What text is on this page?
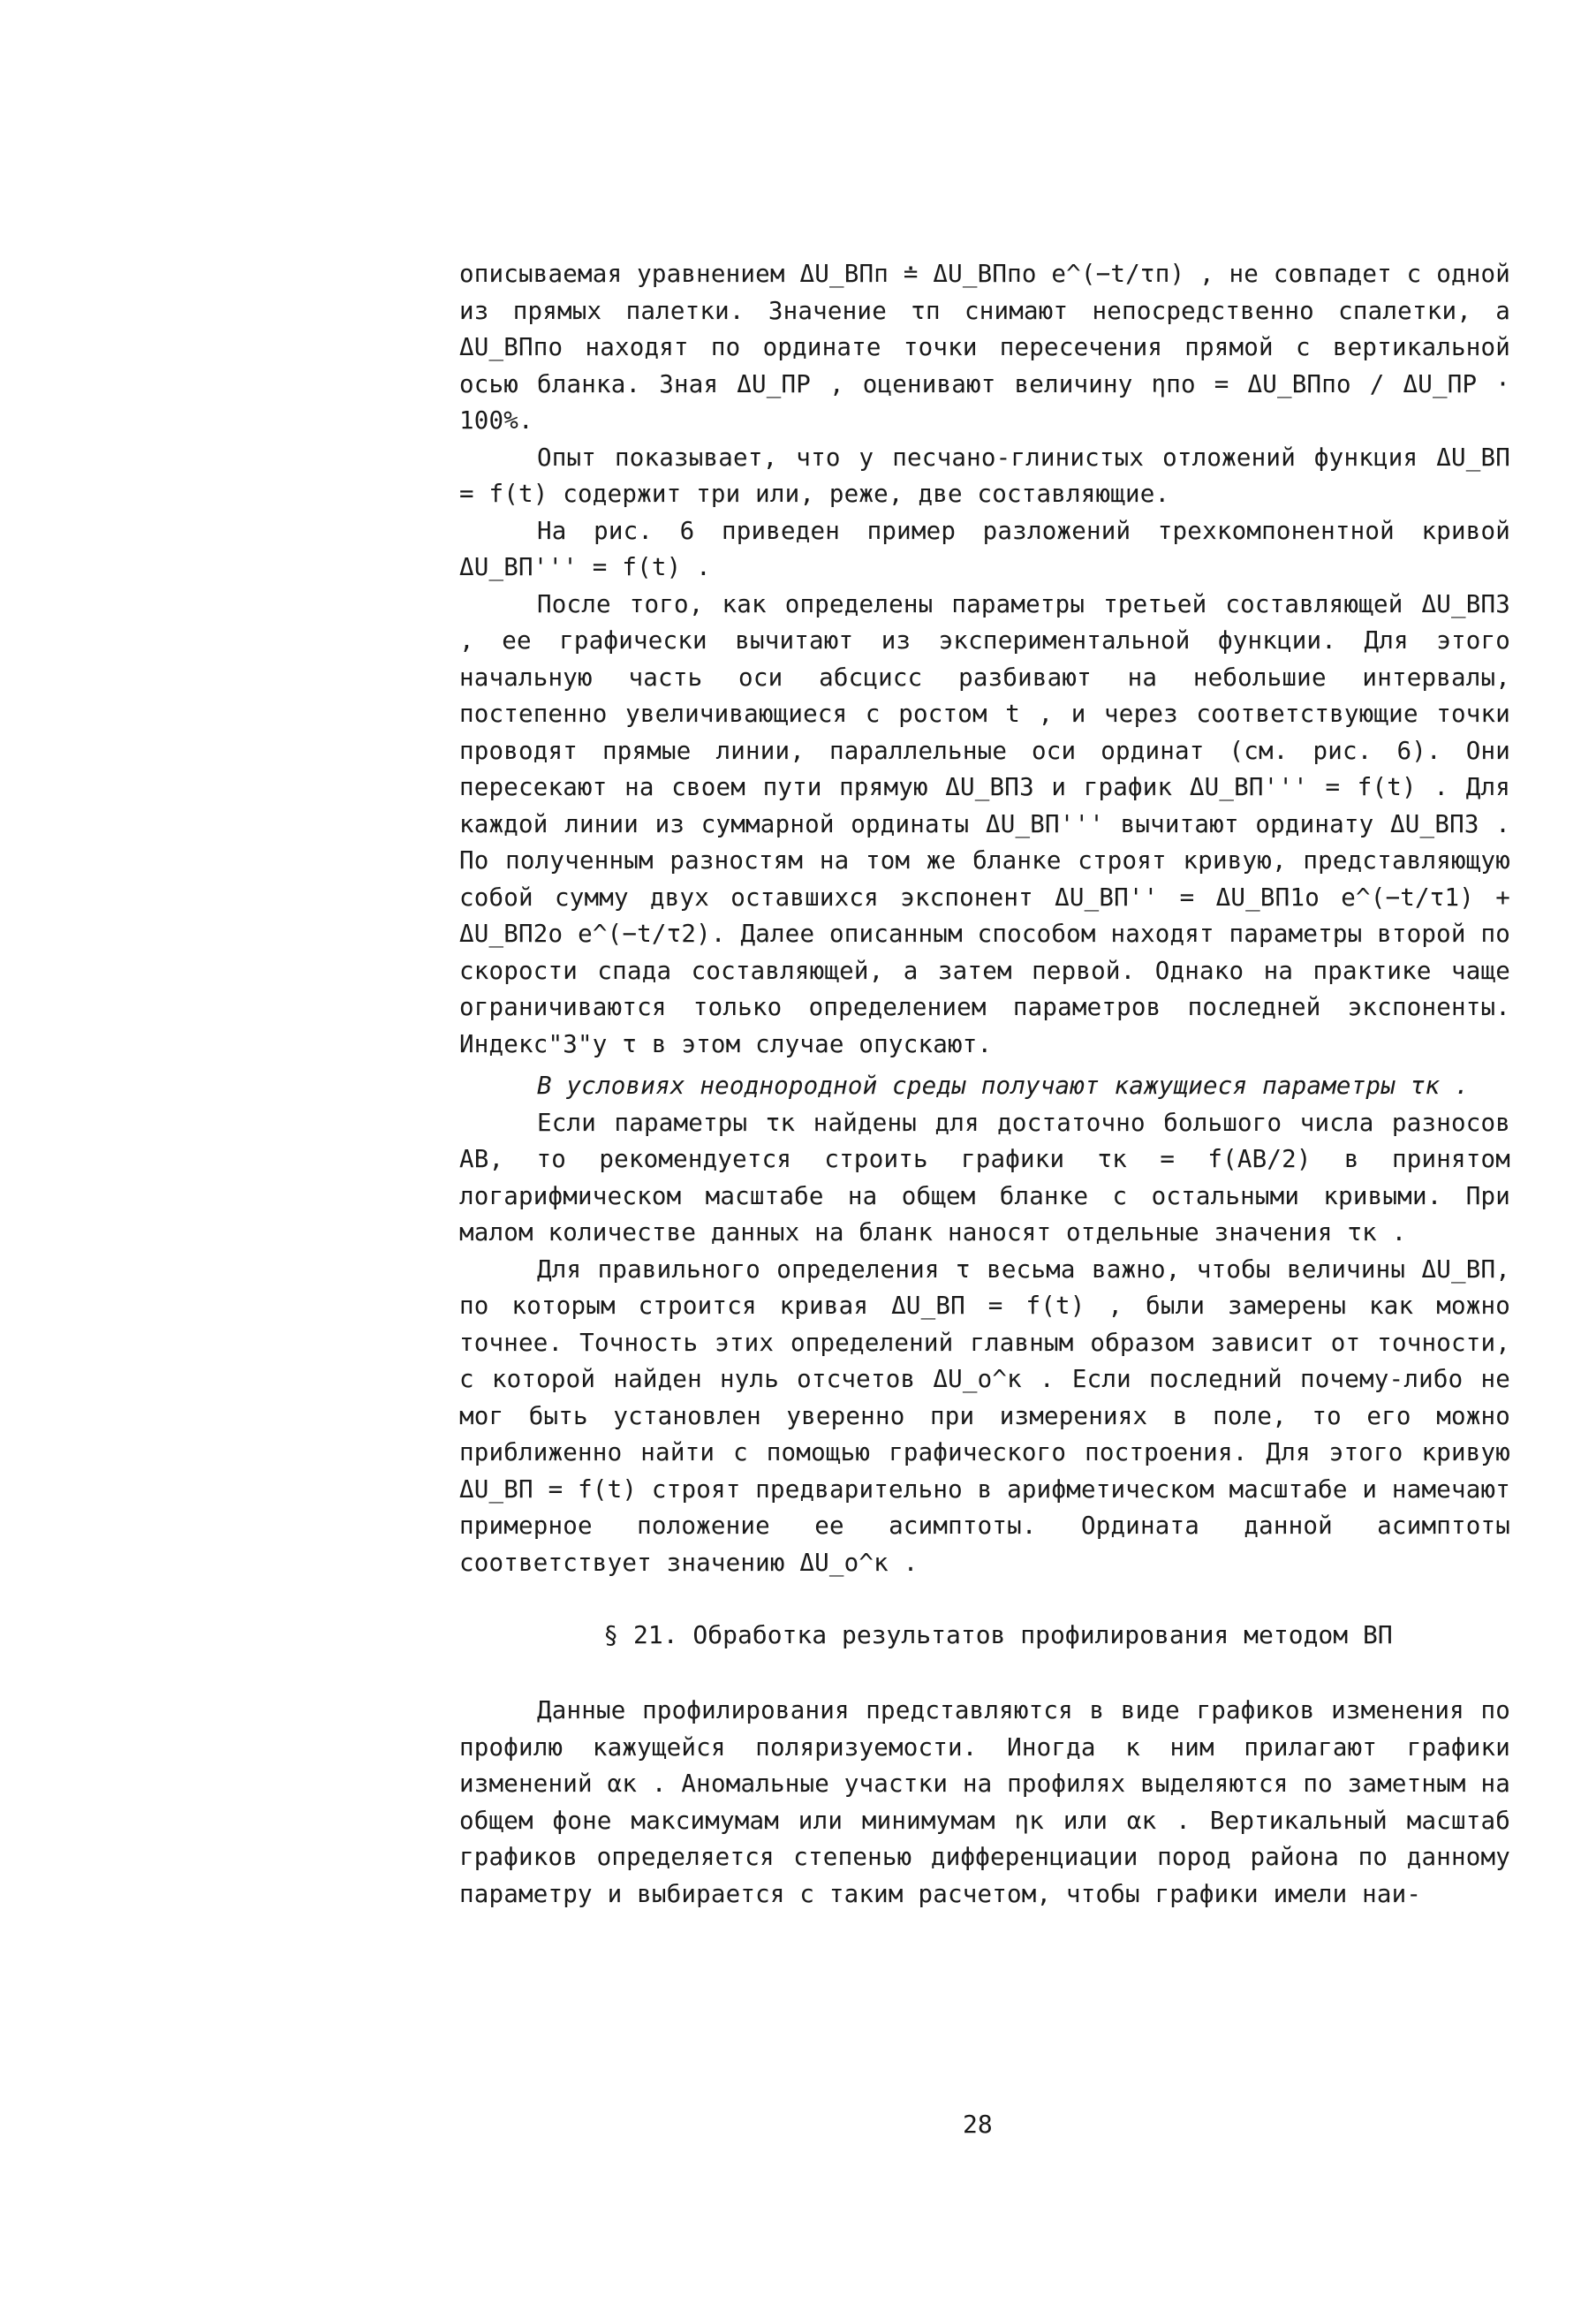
описываемая уравнением ΔU_ВПп ≐ ΔU_ВПпо e^(−t/τп) , не совпадет с одной из прямых палетки. Значение τп снимают непосредственно спалетки, а ΔU_ВПпо находят по ординате точки пересечения прямой с вертикальной осью бланка. Зная ΔU_ПР , оценивают величину ηпо = ΔU_ВПпо / ΔU_ПР · 100%.

Опыт показывает, что у песчано-глинистых отложений функция ΔU_ВП = f(t) содержит три или, реже, две составляющие.

На рис. 6 приведен пример разложений трехкомпонентной кривой ΔU_ВП''' = f(t) .

После того, как определены параметры третьей составляющей ΔU_ВП3 , ее графически вычитают из экспериментальной функции. Для этого начальную часть оси абсцисс разбивают на небольшие интервалы, постепенно увеличивающиеся с ростом t , и через соответствующие точки проводят прямые линии, параллельные оси ординат (см. рис. 6). Они пересекают на своем пути прямую ΔU_ВП3 и график ΔU_ВП''' = f(t) . Для каждой линии из суммарной ординаты ΔU_ВП''' вычитают ординату ΔU_ВП3 . По полученным разностям на том же бланке строят кривую, представляющую собой сумму двух оставшихся экспонент ΔU_ВП'' = ΔU_ВП1о e^(−t/τ1) + ΔU_ВП2о e^(−t/τ2). Далее описанным способом находят параметры второй по скорости спада составляющей, а затем первой. Однако на практике чаще ограничиваются только определением параметров последней экспоненты. Индекс"3"у τ в этом случае опускают.

В условиях неоднородной среды получают кажущиеся параметры τк .

Если параметры τк найдены для достаточно большого числа разносов АВ, то рекомендуется строить графики τк = f(АВ/2) в принятом логарифмическом масштабе на общем бланке с остальными кривыми. При малом количестве данных на бланк наносят отдельные значения τк .

Для правильного определения τ весьма важно, чтобы величины ΔU_ВП, по которым строится кривая ΔU_ВП = f(t) , были замерены как можно точнее. Точность этих определений главным образом зависит от точности, с которой найден нуль отсчетов ΔU_о^к . Если последний почему-либо не мог быть установлен уверенно при измерениях в поле, то его можно приближенно найти с помощью графического построения. Для этого кривую ΔU_ВП = f(t) строят предварительно в арифметическом масштабе и намечают примерное положение ее асимптоты. Ордината данной асимптоты соответствует значению ΔU_о^к .

§ 21. Обработка результатов профилирования методом ВП

Данные профилирования представляются в виде графиков изменения по профилю кажущейся поляризуемости. Иногда к ним прилагают графики изменений αк . Аномальные участки на профилях выделяются по заметным на общем фоне максимумам или минимумам ηк или αк . Вертикальный масштаб графиков определяется степенью дифференциации пород района по данному параметру и выбирается с таким расчетом, чтобы графики имели наи-

28
